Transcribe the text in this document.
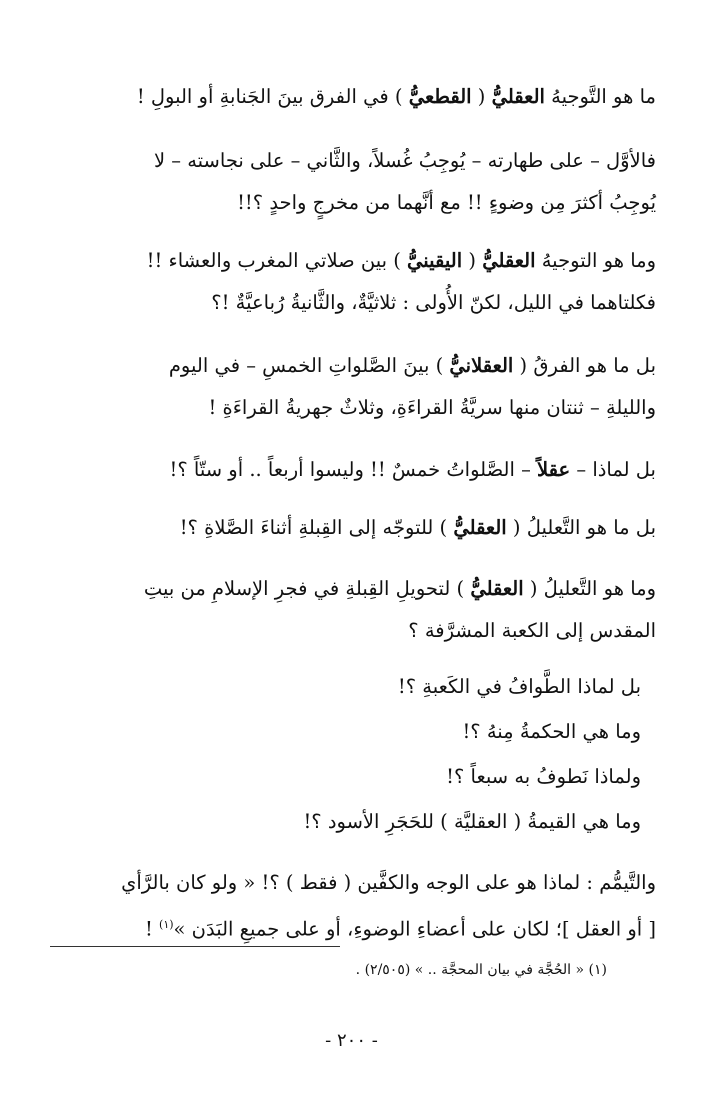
ما هو التَّوجيهُ العقليُّ ( القطعيُّ ) في الفرق بينَ الجَنابةِ أو البولِ !
فالأوَّل – على طهارته – يُوجِبُ غُسلاً، والثَّاني – على نجاسته – لا
يُوجِبُ أكثرَ مِن وضوءٍ !! مع أنَّهما من مخرجٍ واحدٍ ؟!!
وما هو التوجيهُ العقليُّ ( اليقينيُّ ) بين صلاتي المغرب والعشاء !!
فكلتاهما في الليل، لكنّ الأُولى : ثلاثيَّةٌ، والثَّانيةُ رُباعيَّةٌ !؟
بل ما هو الفرقُ ( العقلانيُّ ) بينَ الصَّلواتِ الخمسِ – في اليوم
والليلةِ – ثنتان منها سريَّةُ القراءَةِ، وثلاثٌ جهريةُ القراءَةِ !
بل لماذا – عقلاً – الصَّلواتُ خمسٌ !! وليسوا أربعاً .. أو ستّاً ؟!
بل ما هو التَّعليلُ ( العقليُّ ) للتوجّه إلى القِبلةِ أثناءَ الصَّلاةِ ؟!
وما هو التَّعليلُ ( العقليُّ ) لتحويلِ القِبلةِ في فجرِ الإسلامِ من بيتِ
المقدس إلى الكعبة المشرَّفة ؟
بل لماذا الطَّوافُ في الكَعبةِ ؟!
وما هي الحكمةُ مِنهُ ؟!
ولماذا نَطوفُ به سبعاً ؟!
وما هي القيمةُ ( العقليَّة ) للحَجَرِ الأسود ؟!
والتَّيمُّم : لماذا هو على الوجه والكفَّين ( فقط ) ؟! « ولو كان بالرَّأي
[ أو العقل ]؛ لكان على أعضاءِ الوضوءِ، أو على جميعِ البَدَن »$^{(١)}$ !
(١) « الحُجَّة في بيان المحجَّة .. » (٢/٥٠٥) .
- ٢٠٠ -
